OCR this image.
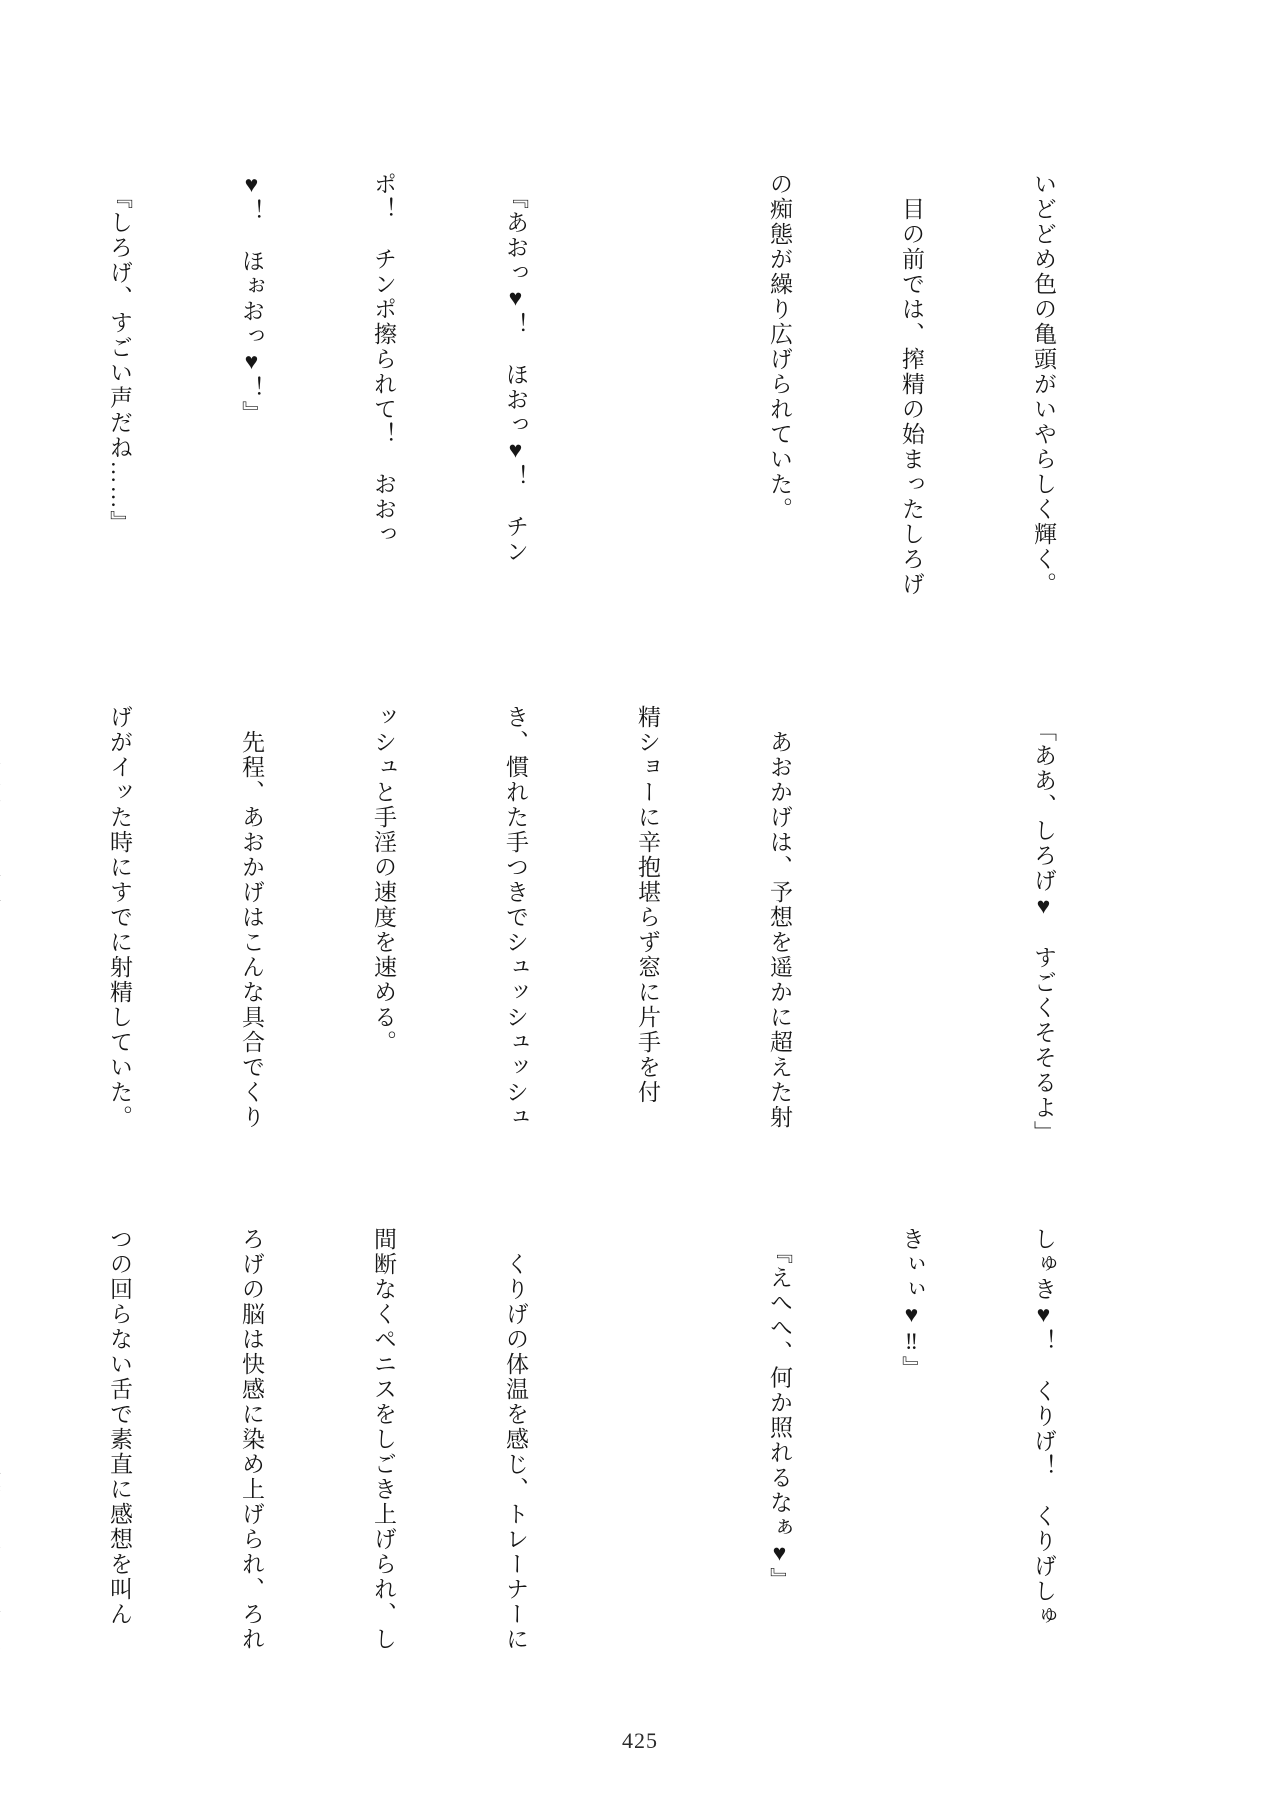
いどどめ色の亀頭がいやらしく輝く。

　目の前では、搾精の始まったしろげ

の痴態が繰り広げられていた。

　『あおっ♥！　ほおっ♥！　チン

ポ！　チンポ擦られて！　おおっ

♥！　ほぉおっ♥！』

　『しろげ、すごい声だね……』

　「ああ、しろげ♥　すごくそそるよ」

　あおかげは、予想を遥かに超えた射

精ショーに辛抱堪らず窓に片手を付

き、慣れた手つきでシュッシュッシュ

ッシュと手淫の速度を速める。

　先程、あおかげはこんな具合でくり

げがイッた時にすでに射精していた。

しゅき♥！　くりげ！　くりげしゅ

きぃぃ♥‼』

　『えへへ、何か照れるなぁ♥』

　くりげの体温を感じ、トレーナーに

間断なくペニスをしごき上げられ、し

ろげの脳は快感に染め上げられ、ろれ

つの回らない舌で素直に感想を叫ん

425
